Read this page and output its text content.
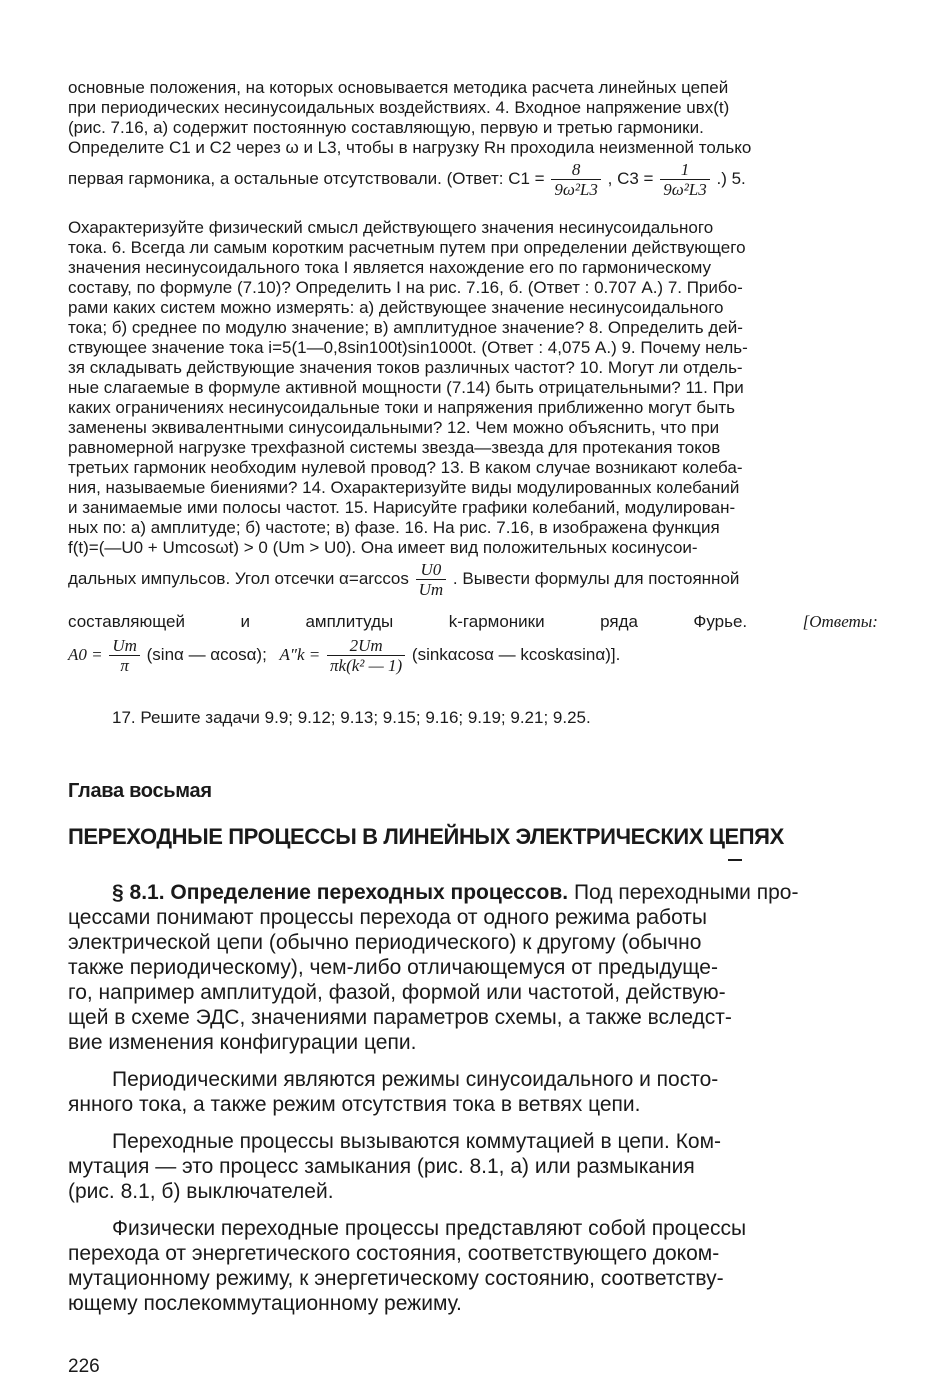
основные положения, на которых основывается методика расчета линейных цепей
при периодических несинусоидальных воздействиях. 4. Входное напряжение uвх(t)
(рис. 7.16, а) содержит постоянную составляющую, первую и третью гармоники.
Определите C1 и C2 через ω и L3, чтобы в нагрузку Rн проходила неизменной только
первая гармоника, а остальные отсутствовали. (Ответ: $C1 = \frac{8}{\text{9ω²L3}}$ , $C3 = \frac{1}{\text{9ω²L3}}$ .) 5.
Охарактеризуйте физический смысл действующего значения несинусоидального
тока. 6. Всегда ли самым коротким расчетным путем при определении действующего
значения несинусоидального тока I является нахождение его по гармоническому
составу, по формуле (7.10)? Определить I на рис. 7.16, б. (Ответ : 0.707 А.) 7. Прибо-
рами каких систем можно измерять: а) действующее значение несинусоидального
тока; б) среднее по модулю значение; в) амплитудное значение? 8. Определить дей-
ствующее значение тока i=5(1—0,8sin100t)sin1000t. (Ответ : 4,075 А.) 9. Почему нель-
зя складывать действующие значения токов различных частот? 10. Могут ли отдель-
ные слагаемые в формуле активной мощности (7.14) быть отрицательными? 11. При
каких ограничениях несинусоидальные токи и напряжения приближенно могут быть
заменены эквивалентными синусоидальными? 12. Чем можно объяснить, что при
равномерной нагрузке трехфазной системы звезда—звезда для протекания токов
третьих гармоник необходим нулевой провод? 13. В каком случае возникают колеба-
ния, называемые биениями? 14. Охарактеризуйте виды модулированных колебаний
и занимаемые ими полосы частот. 15. Нарисуйте графики колебаний, модулирован-
ных по: а) амплитуде; б) частоте; в) фазе. 16. На рис. 7.16, в изображена функция
f(t)=(—U0 + Umcosωt) > 0 (Um > U0). Она имеет вид положительных косинусои-
дальных импульсов. Угол отсечки $\alpha=\arccos \frac{U0}{Um}$ . Вывести формулы для постоянной
составляющей	и	амплитуды	k-гармоники	ряда	Фурье.	[Ответы:
$A0 = \frac{Um}{\pi} (\sin\alpha$ — αcosα); $A''k = \frac{2Um}{\text{πk(k² — 1)}} (\sin k\alpha\cos\alpha$ — kcoskαsinα)].
17. Решите задачи 9.9; 9.12; 9.13; 9.15; 9.16; 9.19; 9.21; 9.25.
Глава восьмая
ПЕРЕХОДНЫЕ ПРОЦЕССЫ В ЛИНЕЙНЫХ ЭЛЕКТРИЧЕСКИХ ЦЕПЯХ
§ 8.1. Определение переходных процессов. Под переходными про-
цессами понимают процессы перехода от одного режима работы
электрической цепи (обычно периодического) к другому (обычно
также периодическому), чем-либо отличающемуся от предыдуще-
го, например амплитудой, фазой, формой или частотой, действую-
щей в схеме ЭДС, значениями параметров схемы, а также вследст-
вие изменения конфигурации цепи.
Периодическими являются режимы синусоидального и посто-
янного тока, а также режим отсутствия тока в ветвях цепи.
Переходные процессы вызываются коммутацией в цепи. Ком-
мутация — это процесс замыкания (рис. 8.1, а) или размыкания
(рис. 8.1, б) выключателей.
Физически переходные процессы представляют собой процессы
перехода от энергетического состояния, соответствующего доком-
мутационному режиму, к энергетическому состоянию, соответству-
ющему послекоммутационному режиму.
226
